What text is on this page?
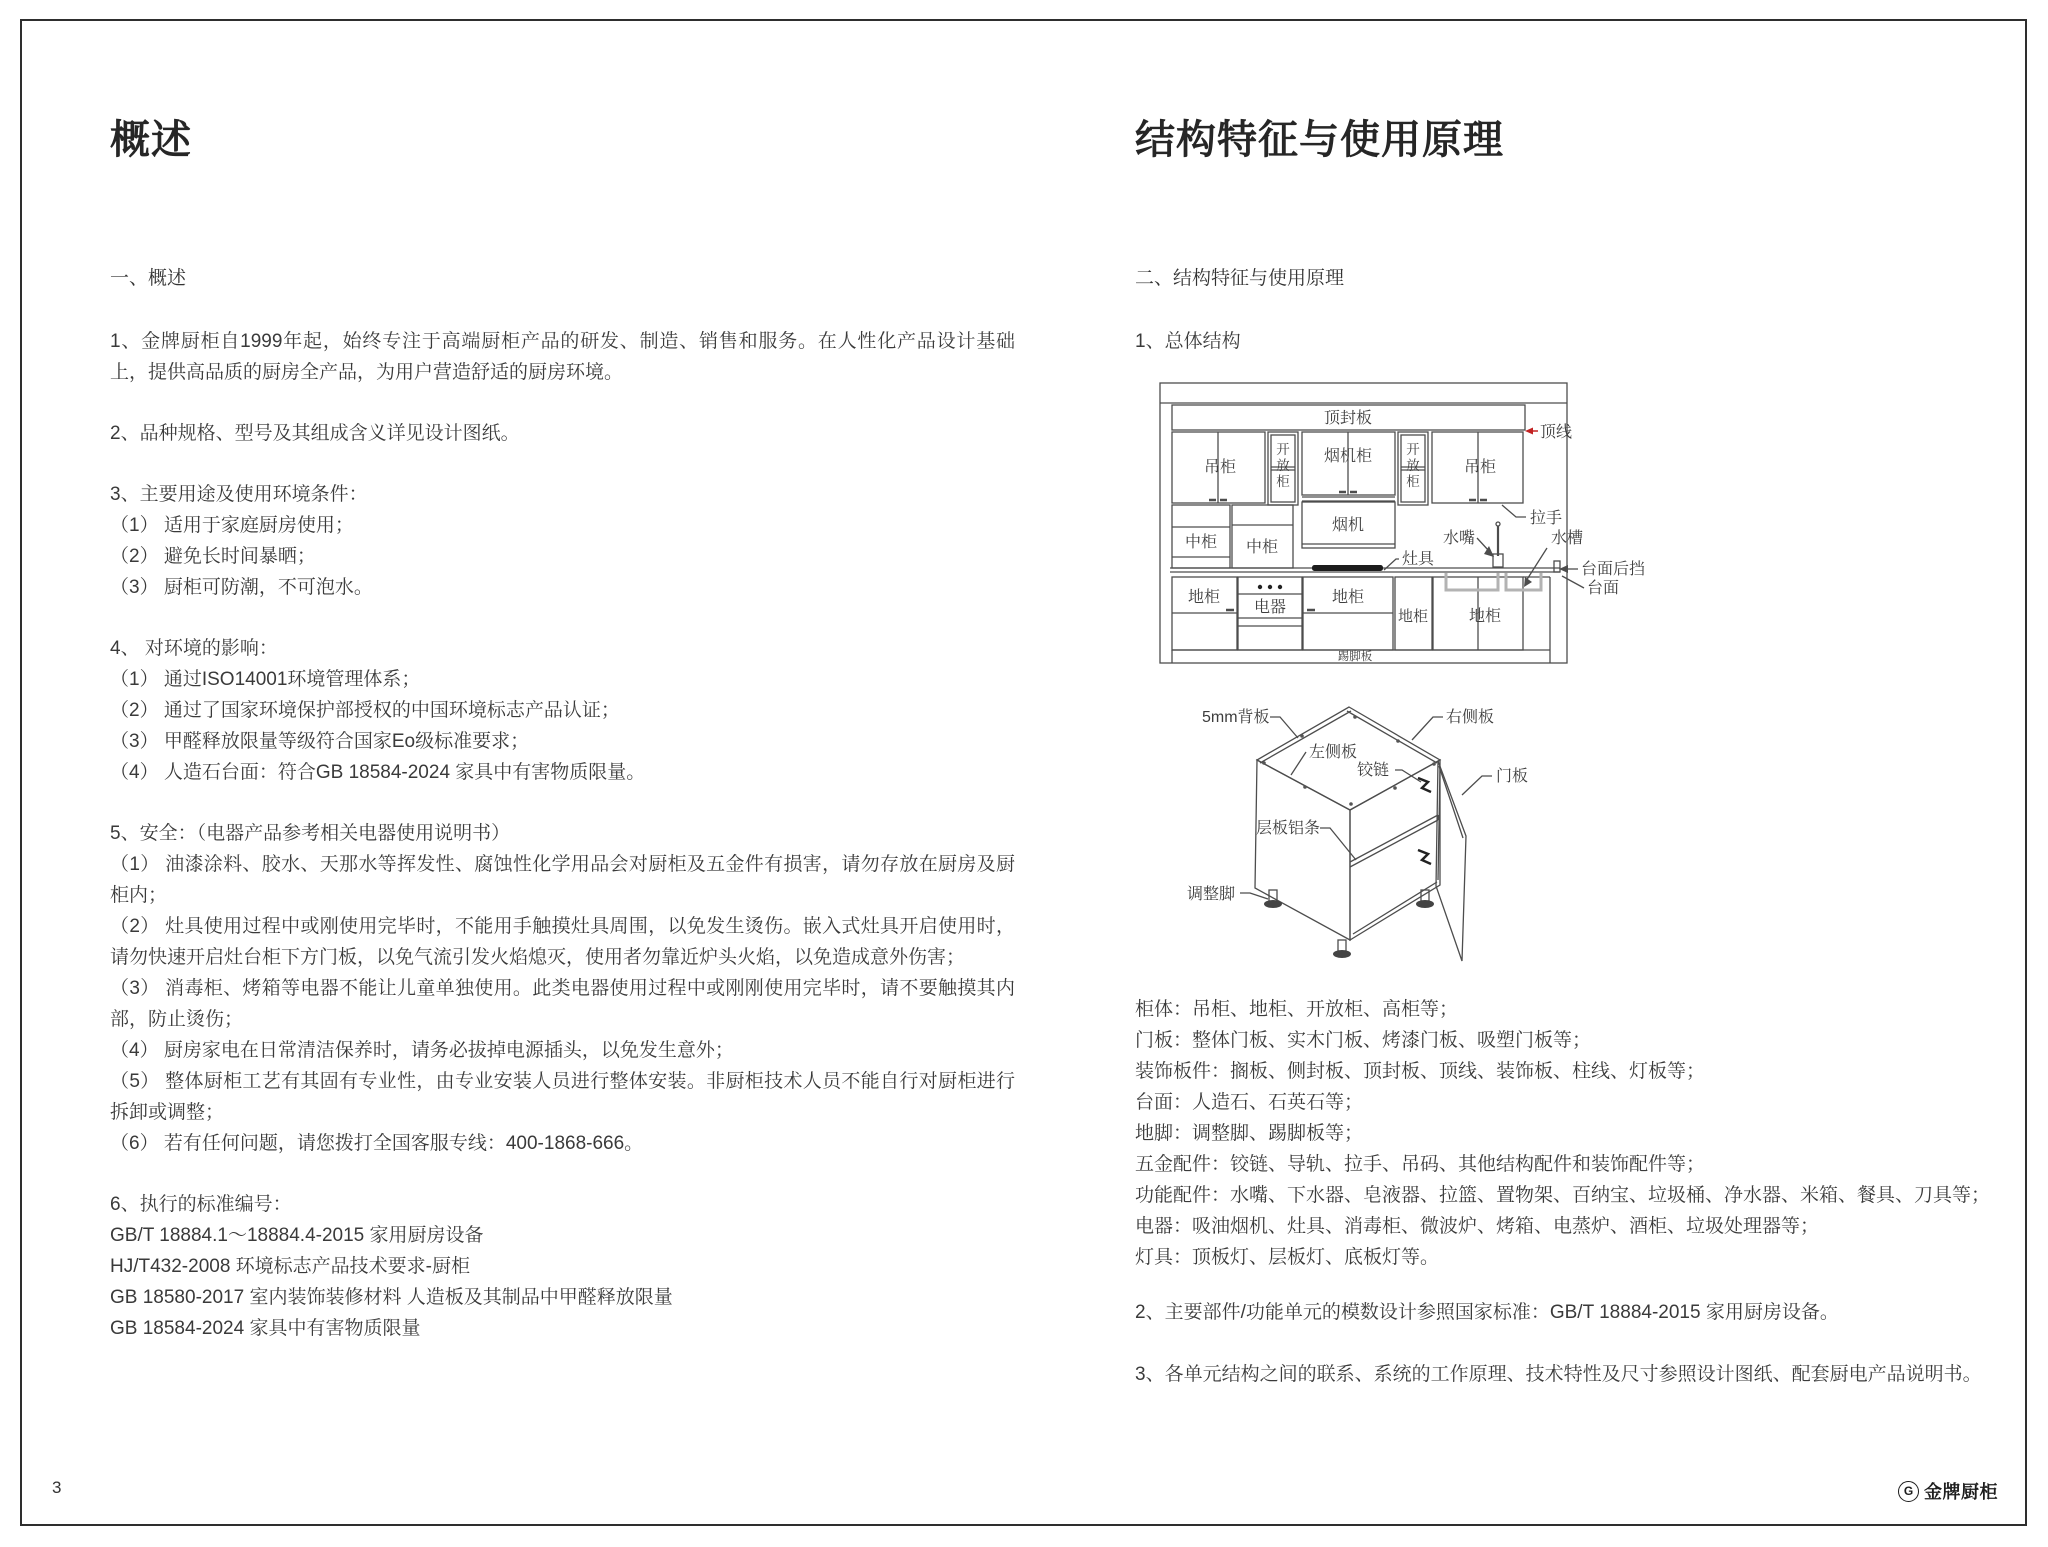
概述
一、概述

1、金牌厨柜自1999年起，始终专注于高端厨柜产品的研发、制造、销售和服务。在人性化产品设计基础上，提供高品质的厨房全产品，为用户营造舒适的厨房环境。

2、品种规格、型号及其组成含义详见设计图纸。

3、主要用途及使用环境条件：
（1） 适用于家庭厨房使用；
（2） 避免长时间暴晒；
（3） 厨柜可防潮，不可泡水。

4、 对环境的影响：
（1） 通过ISO14001环境管理体系；
（2） 通过了国家环境保护部授权的中国环境标志产品认证；
（3） 甲醛释放限量等级符合国家Eo级标准要求；
（4） 人造石台面：符合GB 18584-2024 家具中有害物质限量。

5、安全：（电器产品参考相关电器使用说明书）
（1） 油漆涂料、胶水、天那水等挥发性、腐蚀性化学用品会对厨柜及五金件有损害，请勿存放在厨房及厨柜内；
（2） 灶具使用过程中或刚使用完毕时，不能用手触摸灶具周围，以免发生烫伤。嵌入式灶具开启使用时，请勿快速开启灶台柜下方门板，以免气流引发火焰熄灭，使用者勿靠近炉头火焰，以免造成意外伤害；
（3） 消毒柜、烤箱等电器不能让儿童单独使用。此类电器使用过程中或刚刚使用完毕时，请不要触摸其内部，防止烫伤；
（4） 厨房家电在日常清洁保养时，请务必拔掉电源插头，以免发生意外；
（5） 整体厨柜工艺有其固有专业性，由专业安装人员进行整体安装。非厨柜技术人员不能自行对厨柜进行拆卸或调整；
（6） 若有任何问题，请您拨打全国客服专线：400-1868-666。

6、执行的标准编号：
GB/T 18884.1～18884.4-2015 家用厨房设备
HJ/T432-2008 环境标志产品技术要求-厨柜
GB 18580-2017 室内装饰装修材料 人造板及其制品中甲醛释放限量
GB 18584-2024 家具中有害物质限量

结构特征与使用原理
二、结构特征与使用原理

1、总体结构

顶封板
顶线
吊柜	吊柜
开
放
柜
开
放
柜
烟机柜
烟机
中柜 中柜
拉手
灶具
水嘴	水槽
台面后挡
台面
地柜	地柜
地柜	地柜
电器
踢脚板
5mm背板	右侧板
左侧板
铰链	门板
层板铝条
调整脚
柜体：吊柜、地柜、开放柜、高柜等；
门板：整体门板、实木门板、烤漆门板、吸塑门板等；
装饰板件：搁板、侧封板、顶封板、顶线、装饰板、柱线、灯板等；
台面：人造石、石英石等；
地脚：调整脚、踢脚板等；
五金配件：铰链、导轨、拉手、吊码、其他结构配件和装饰配件等；
功能配件：水嘴、下水器、皂液器、拉篮、置物架、百纳宝、垃圾桶、净水器、米箱、餐具、刀具等；
电器：吸油烟机、灶具、消毒柜、微波炉、烤箱、电蒸炉、酒柜、垃圾处理器等；
灯具：顶板灯、层板灯、底板灯等。
2、主要部件/功能单元的模数设计参照国家标准：GB/T 18884-2015 家用厨房设备。
3、各单元结构之间的联系、系统的工作原理、技术特性及尺寸参照设计图纸、配套厨电产品说明书。
3	G 金牌厨柜
